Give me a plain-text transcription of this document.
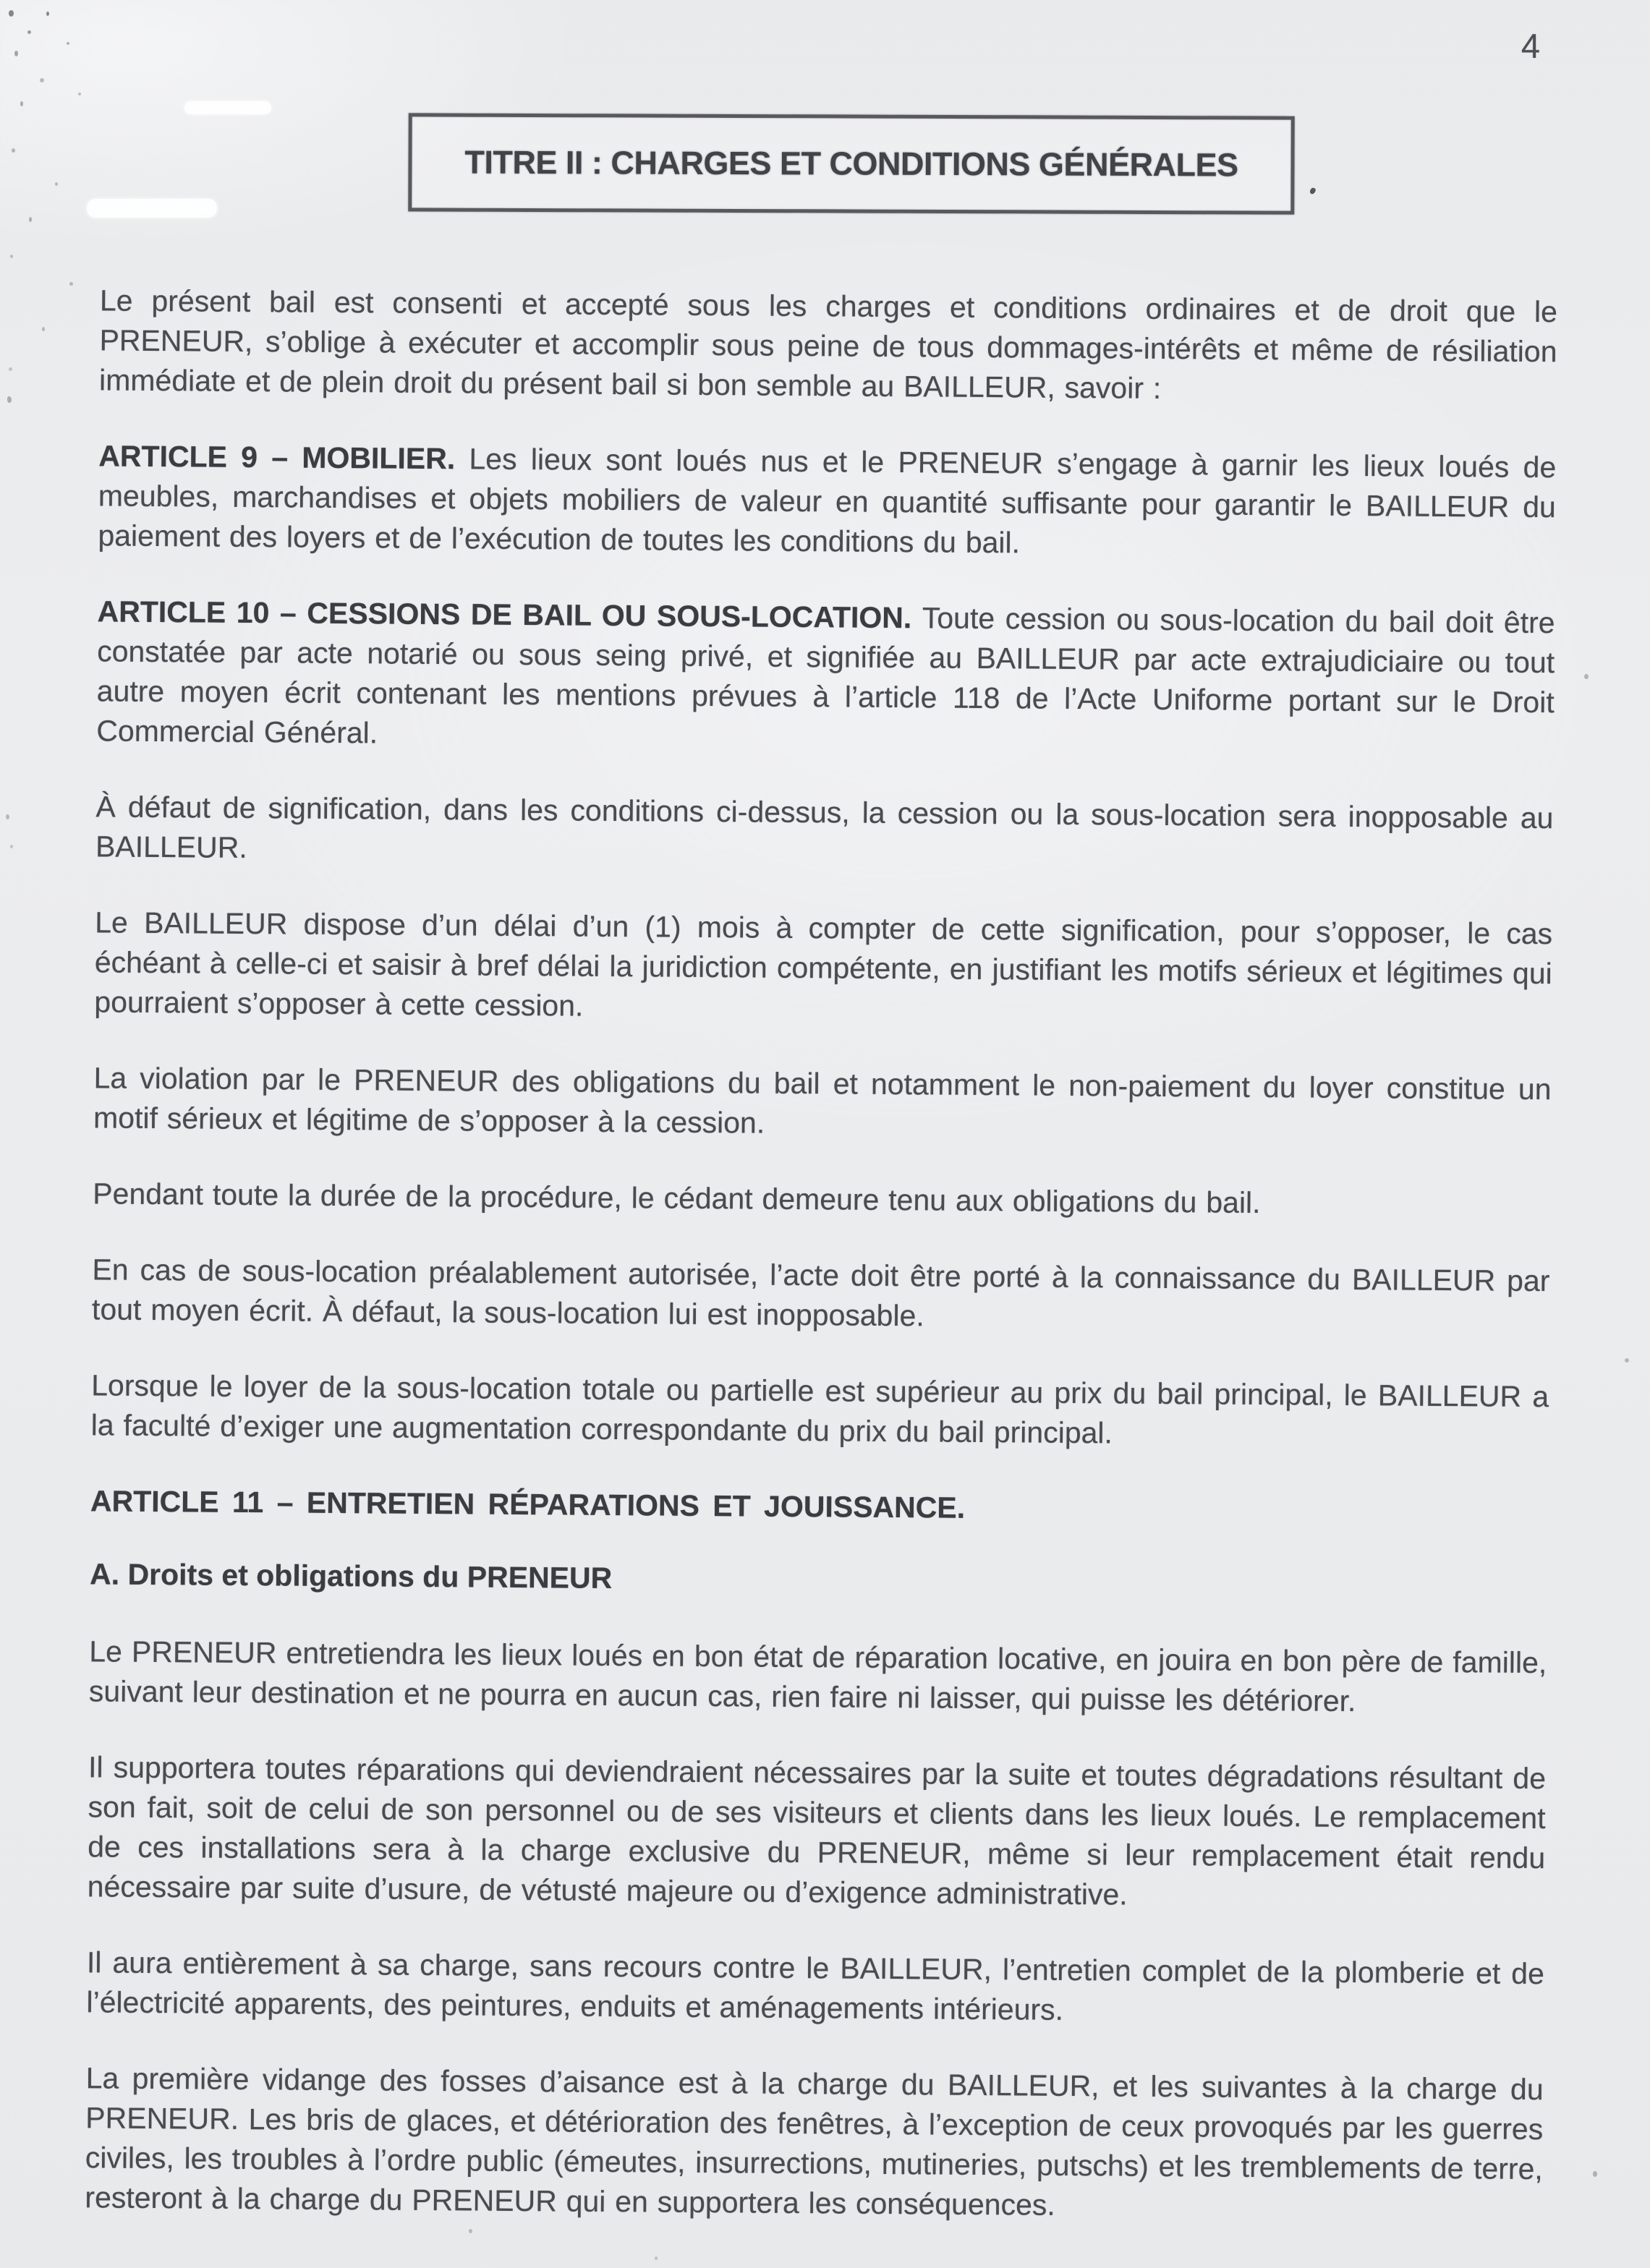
4
TITRE II : CHARGES ET CONDITIONS GÉNÉRALES

Le présent bail est consenti et accepté sous les charges et conditions ordinaires et de droit que le PRENEUR, s’oblige à exécuter et accomplir sous peine de tous dommages-intérêts et même de résiliation immédiate et de plein droit du présent bail si bon semble au BAILLEUR, savoir :

ARTICLE 9 – MOBILIER. Les lieux sont loués nus et le PRENEUR s’engage à garnir les lieux loués de meubles, marchandises et objets mobiliers de valeur en quantité suffisante pour garantir le BAILLEUR du paiement des loyers et de l’exécution de toutes les conditions du bail.

ARTICLE 10 – CESSIONS DE BAIL OU SOUS-LOCATION. Toute cession ou sous-location du bail doit être constatée par acte notarié ou sous seing privé, et signifiée au BAILLEUR par acte extrajudiciaire ou tout autre moyen écrit contenant les mentions prévues à l’article 118 de l’Acte Uniforme portant sur le Droit Commercial Général.

À défaut de signification, dans les conditions ci-dessus, la cession ou la sous-location sera inopposable au BAILLEUR.

Le BAILLEUR dispose d’un délai d’un (1) mois à compter de cette signification, pour s’opposer, le cas échéant à celle-ci et saisir à bref délai la juridiction compétente, en justifiant les motifs sérieux et légitimes qui pourraient s’opposer à cette cession.

La violation par le PRENEUR des obligations du bail et notamment le non-paiement du loyer constitue un motif sérieux et légitime de s’opposer à la cession.

Pendant toute la durée de la procédure, le cédant demeure tenu aux obligations du bail.

En cas de sous-location préalablement autorisée, l’acte doit être porté à la connaissance du BAILLEUR par tout moyen écrit. À défaut, la sous-location lui est inopposable.

Lorsque le loyer de la sous-location totale ou partielle est supérieur au prix du bail principal, le BAILLEUR a la faculté d’exiger une augmentation correspondante du prix du bail principal.

ARTICLE 11 – ENTRETIEN RÉPARATIONS ET JOUISSANCE.

A. Droits et obligations du PRENEUR

Le PRENEUR entretiendra les lieux loués en bon état de réparation locative, en jouira en bon père de famille, suivant leur destination et ne pourra en aucun cas, rien faire ni laisser, qui puisse les détériorer.

Il supportera toutes réparations qui deviendraient nécessaires par la suite et toutes dégradations résultant de son fait, soit de celui de son personnel ou de ses visiteurs et clients dans les lieux loués. Le remplacement de ces installations sera à la charge exclusive du PRENEUR, même si leur remplacement était rendu nécessaire par suite d’usure, de vétusté majeure ou d’exigence administrative.

Il aura entièrement à sa charge, sans recours contre le BAILLEUR, l’entretien complet de la plomberie et de l’électricité apparents, des peintures, enduits et aménagements intérieurs.

La première vidange des fosses d’aisance est à la charge du BAILLEUR, et les suivantes à la charge du PRENEUR. Les bris de glaces, et détérioration des fenêtres, à l’exception de ceux provoqués par les guerres civiles, les troubles à l’ordre public (émeutes, insurrections, mutineries, putschs) et les tremblements de terre, resteront à la charge du PRENEUR qui en supportera les conséquences.
